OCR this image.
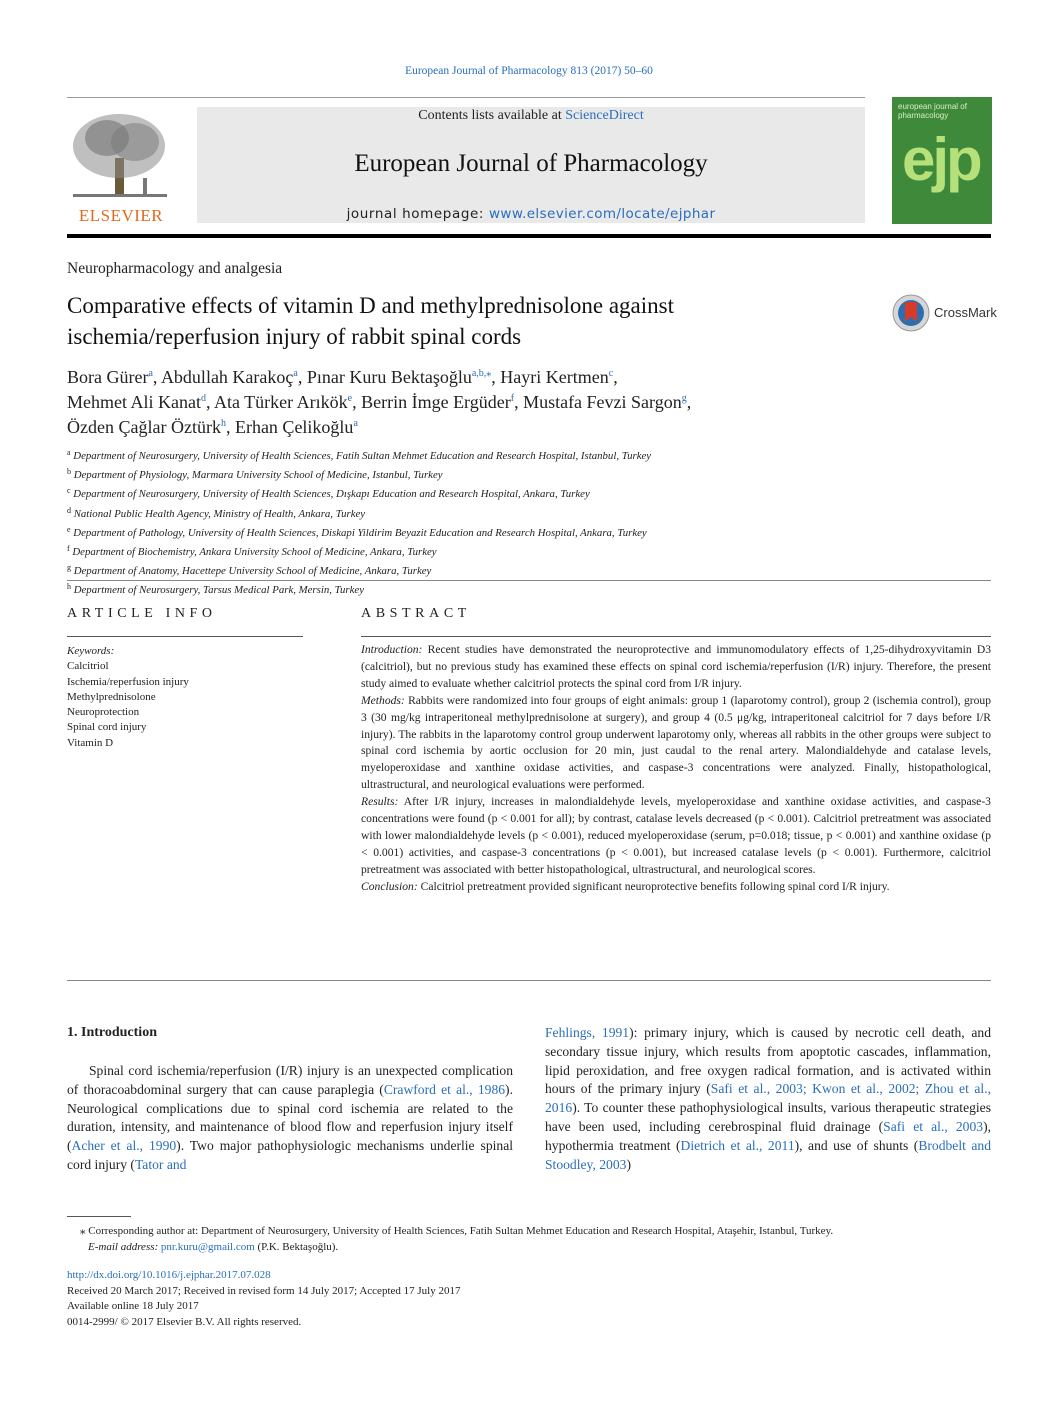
European Journal of Pharmacology 813 (2017) 50–60
ELSEVIER
Contents lists available at ScienceDirect
European Journal of Pharmacology
journal homepage: www.elsevier.com/locate/ejphar
european journal of pharmacology
ejp
Neuropharmacology and analgesia
Comparative effects of vitamin D and methylprednisolone against ischemia/reperfusion injury of rabbit spinal cords
CrossMark
Bora Gürer$^a$, Abdullah Karakoç$^a$, Pınar Kuru Bektaşoğlu$^{a,b,⁎}$, Hayri Kertmen$^c$,
Mehmet Ali Kanat$^d$, Ata Türker Arıkök$^e$, Berrin İmge Ergüder$^f$, Mustafa Fevzi Sargon$^g$,
Özden Çağlar Öztürk$^h$, Erhan Çelikoğlu$^a$
$^a$ Department of Neurosurgery, University of Health Sciences, Fatih Sultan Mehmet Education and Research Hospital, Istanbul, Turkey
$^b$ Department of Physiology, Marmara University School of Medicine, Istanbul, Turkey
$^c$ Department of Neurosurgery, University of Health Sciences, Dışkapı Education and Research Hospital, Ankara, Turkey
$^d$ National Public Health Agency, Ministry of Health, Ankara, Turkey
$^e$ Department of Pathology, University of Health Sciences, Diskapi Yildirim Beyazit Education and Research Hospital, Ankara, Turkey
$^f$ Department of Biochemistry, Ankara University School of Medicine, Ankara, Turkey
$^g$ Department of Anatomy, Hacettepe University School of Medicine, Ankara, Turkey
$^h$ Department of Neurosurgery, Tarsus Medical Park, Mersin, Turkey
ARTICLE INFO
Keywords:
Calcitriol
Ischemia/reperfusion injury
Methylprednisolone
Neuroprotection
Spinal cord injury
Vitamin D
ABSTRACT
Introduction: Recent studies have demonstrated the neuroprotective and immunomodulatory effects of 1,25-dihydroxyvitamin D3 (calcitriol), but no previous study has examined these effects on spinal cord ischemia/reperfusion (I/R) injury. Therefore, the present study aimed to evaluate whether calcitriol protects the spinal cord from I/R injury.
Methods: Rabbits were randomized into four groups of eight animals: group 1 (laparotomy control), group 2 (ischemia control), group 3 (30 mg/kg intraperitoneal methylprednisolone at surgery), and group 4 (0.5 μg/kg, intraperitoneal calcitriol for 7 days before I/R injury). The rabbits in the laparotomy control group underwent laparotomy only, whereas all rabbits in the other groups were subject to spinal cord ischemia by aortic occlusion for 20 min, just caudal to the renal artery. Malondialdehyde and catalase levels, myeloperoxidase and xanthine oxidase activities, and caspase-3 concentrations were analyzed. Finally, histopathological, ultrastructural, and neurological evaluations were performed.
Results: After I/R injury, increases in malondialdehyde levels, myeloperoxidase and xanthine oxidase activities, and caspase-3 concentrations were found (p < 0.001 for all); by contrast, catalase levels decreased (p < 0.001). Calcitriol pretreatment was associated with lower malondialdehyde levels (p < 0.001), reduced myeloperoxidase (serum, p=0.018; tissue, p < 0.001) and xanthine oxidase (p < 0.001) activities, and caspase-3 concentrations (p < 0.001), but increased catalase levels (p < 0.001). Furthermore, calcitriol pretreatment was associated with better histopathological, ultrastructural, and neurological scores.
Conclusion: Calcitriol pretreatment provided significant neuroprotective benefits following spinal cord I/R injury.
1. Introduction
Spinal cord ischemia/reperfusion (I/R) injury is an unexpected complication of thoracoabdominal surgery that can cause paraplegia (Crawford et al., 1986). Neurological complications due to spinal cord ischemia are related to the duration, intensity, and maintenance of blood flow and reperfusion injury itself (Acher et al., 1990). Two major pathophysiologic mechanisms underlie spinal cord injury (Tator and
Fehlings, 1991): primary injury, which is caused by necrotic cell death, and secondary tissue injury, which results from apoptotic cascades, inflammation, lipid peroxidation, and free oxygen radical formation, and is activated within hours of the primary injury (Safi et al., 2003; Kwon et al., 2002; Zhou et al., 2016). To counter these pathophysiological insults, various therapeutic strategies have been used, including cerebrospinal fluid drainage (Safi et al., 2003), hypothermia treatment (Dietrich et al., 2011), and use of shunts (Brodbelt and Stoodley, 2003)
⁎ Corresponding author at: Department of Neurosurgery, University of Health Sciences, Fatih Sultan Mehmet Education and Research Hospital, Ataşehir, Istanbul, Turkey.
E-mail address: pnr.kuru@gmail.com (P.K. Bektaşoğlu).
http://dx.doi.org/10.1016/j.ejphar.2017.07.028
Received 20 March 2017; Received in revised form 14 July 2017; Accepted 17 July 2017
Available online 18 July 2017
0014-2999/ © 2017 Elsevier B.V. All rights reserved.
